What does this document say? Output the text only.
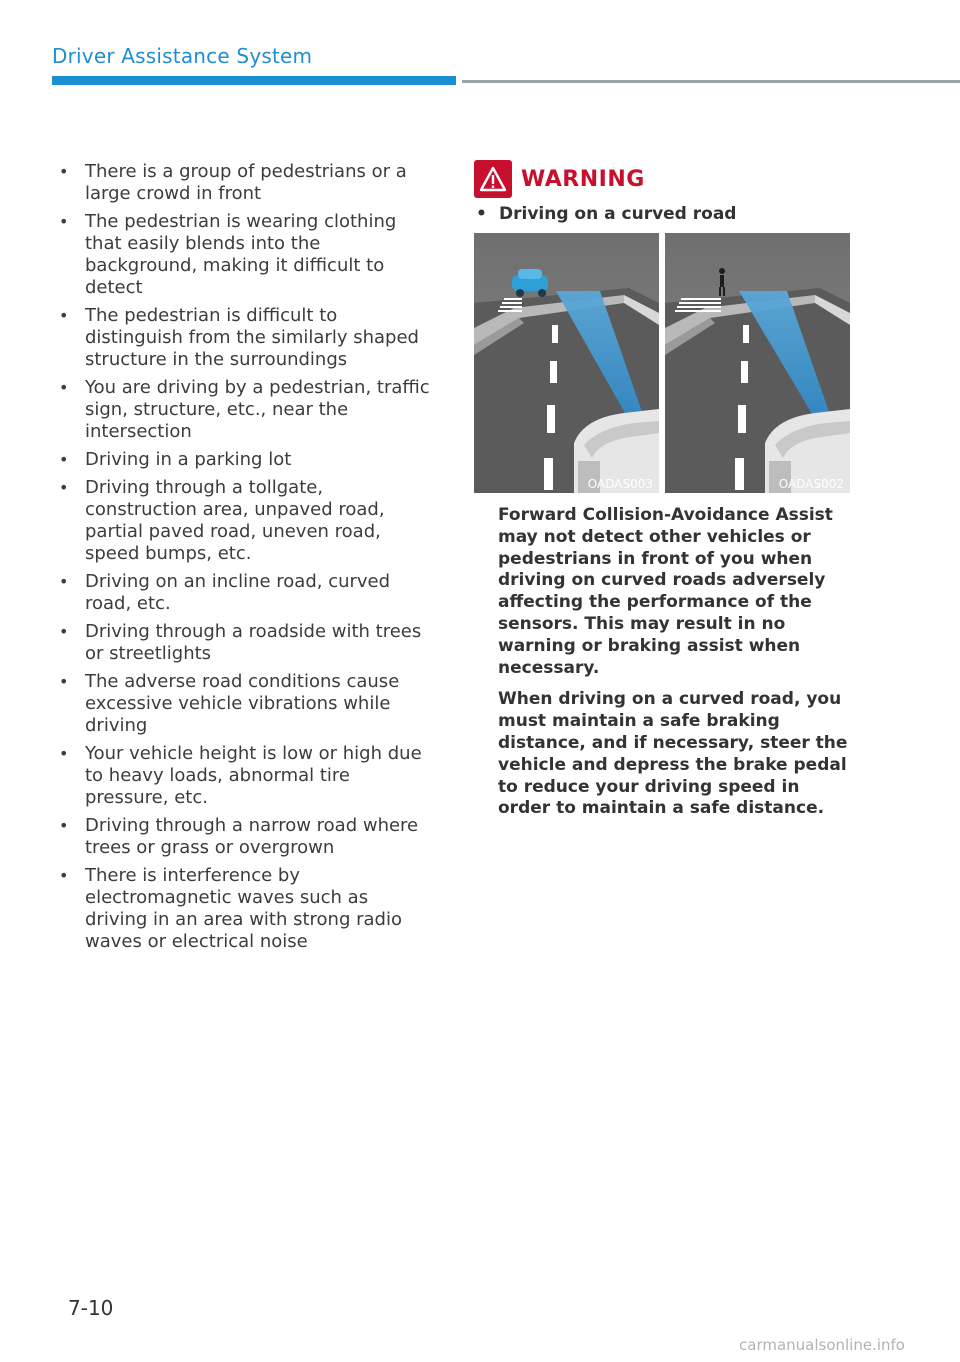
Driver Assistance System
• There is a group of pedestrians or a large crowd in front
• The pedestrian is wearing clothing that easily blends into the background, making it difficult to detect
• The pedestrian is difficult to distinguish from the similarly shaped structure in the surroundings
• You are driving by a pedestrian, traffic sign, structure, etc., near the intersection
• Driving in a parking lot
• Driving through a tollgate, construction area, unpaved road, partial paved road, uneven road, speed bumps, etc.
• Driving on an incline road, curved road, etc.
• Driving through a roadside with trees or streetlights
• The adverse road conditions cause excessive vehicle vibrations while driving
• Your vehicle height is low or high due to heavy loads, abnormal tire pressure, etc.
• Driving through a narrow road where trees or grass or overgrown
• There is interference by electromagnetic waves such as driving in an area with strong radio waves or electrical noise
WARNING
• Driving on a curved road
OADAS003	OADAS002

Forward Collision-Avoidance Assist may not detect other vehicles or pedestrians in front of you when driving on curved roads adversely affecting the performance of the sensors. This may result in no warning or braking assist when necessary.

When driving on a curved road, you must maintain a safe braking distance, and if necessary, steer the vehicle and depress the brake pedal to reduce your driving speed in order to maintain a safe distance.

7-10
carmanualsonline.info
